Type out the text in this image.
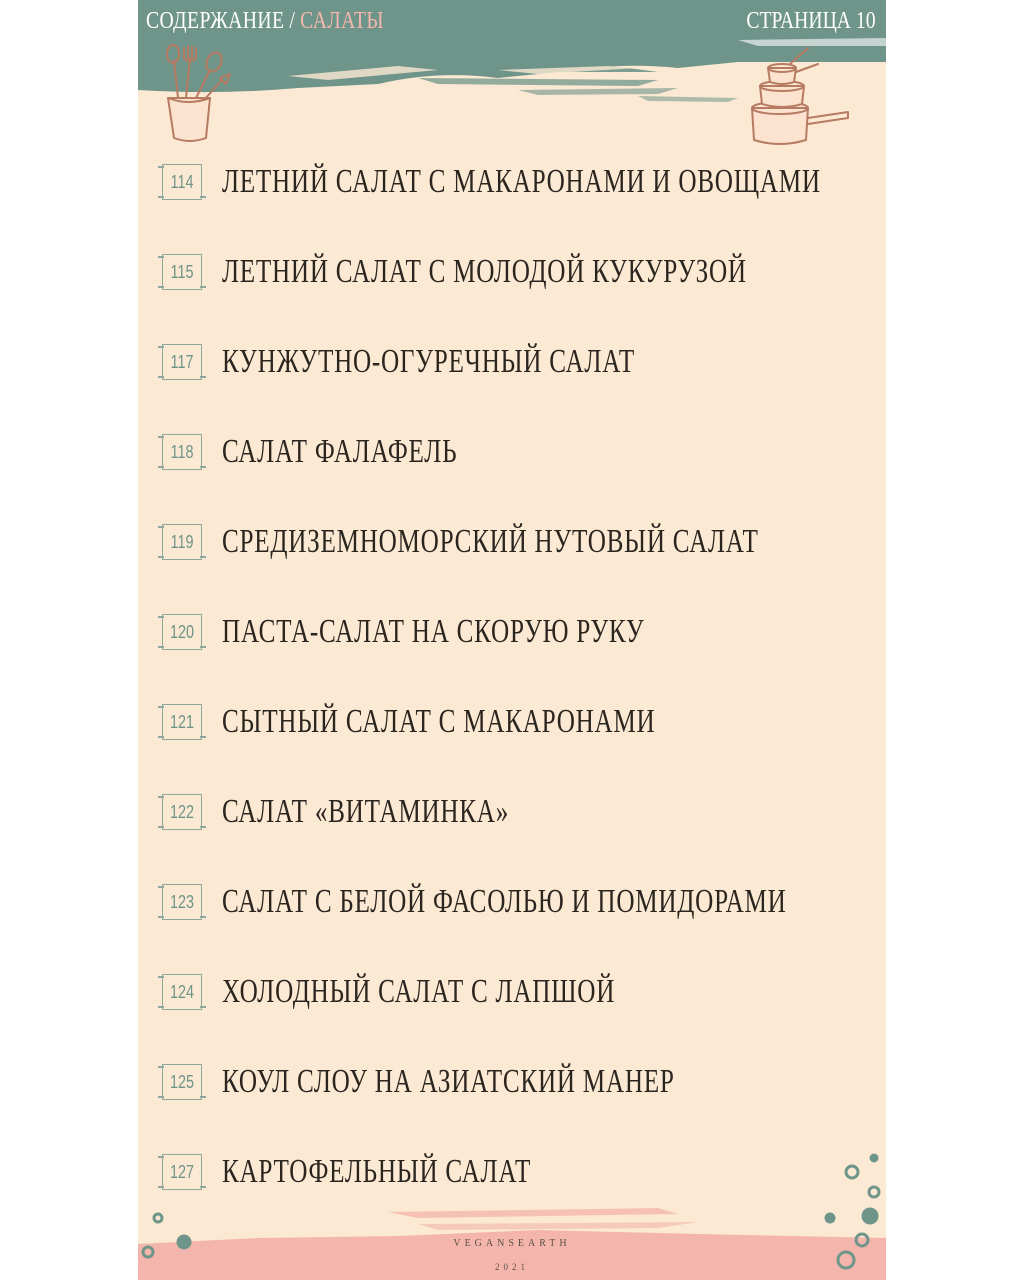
СОДЕРЖАНИЕ / САЛАТЫ	СТРАНИЦА 10
114 ЛЕТНИЙ САЛАТ С МАКАРОНАМИ И ОВОЩАМИ
115 ЛЕТНИЙ САЛАТ С МОЛОДОЙ КУКУРУЗОЙ
117 КУНЖУТНО-ОГУРЕЧНЫЙ САЛАТ
118 САЛАТ ФАЛАФЕЛЬ
119 СРЕДИЗЕМНОМОРСКИЙ НУТОВЫЙ САЛАТ
120 ПАСТА-САЛАТ НА СКОРУЮ РУКУ
121 СЫТНЫЙ САЛАТ С МАКАРОНАМИ
122 САЛАТ «ВИТАМИНКА»
123 САЛАТ С БЕЛОЙ ФАСОЛЬЮ И ПОМИДОРАМИ
124 ХОЛОДНЫЙ САЛАТ С ЛАПШОЙ
125 КОУЛ СЛОУ НА АЗИАТСКИЙ МАНЕР
127 КАРТОФЕЛЬНЫЙ САЛАТ
VEGANSEARTH
2021
